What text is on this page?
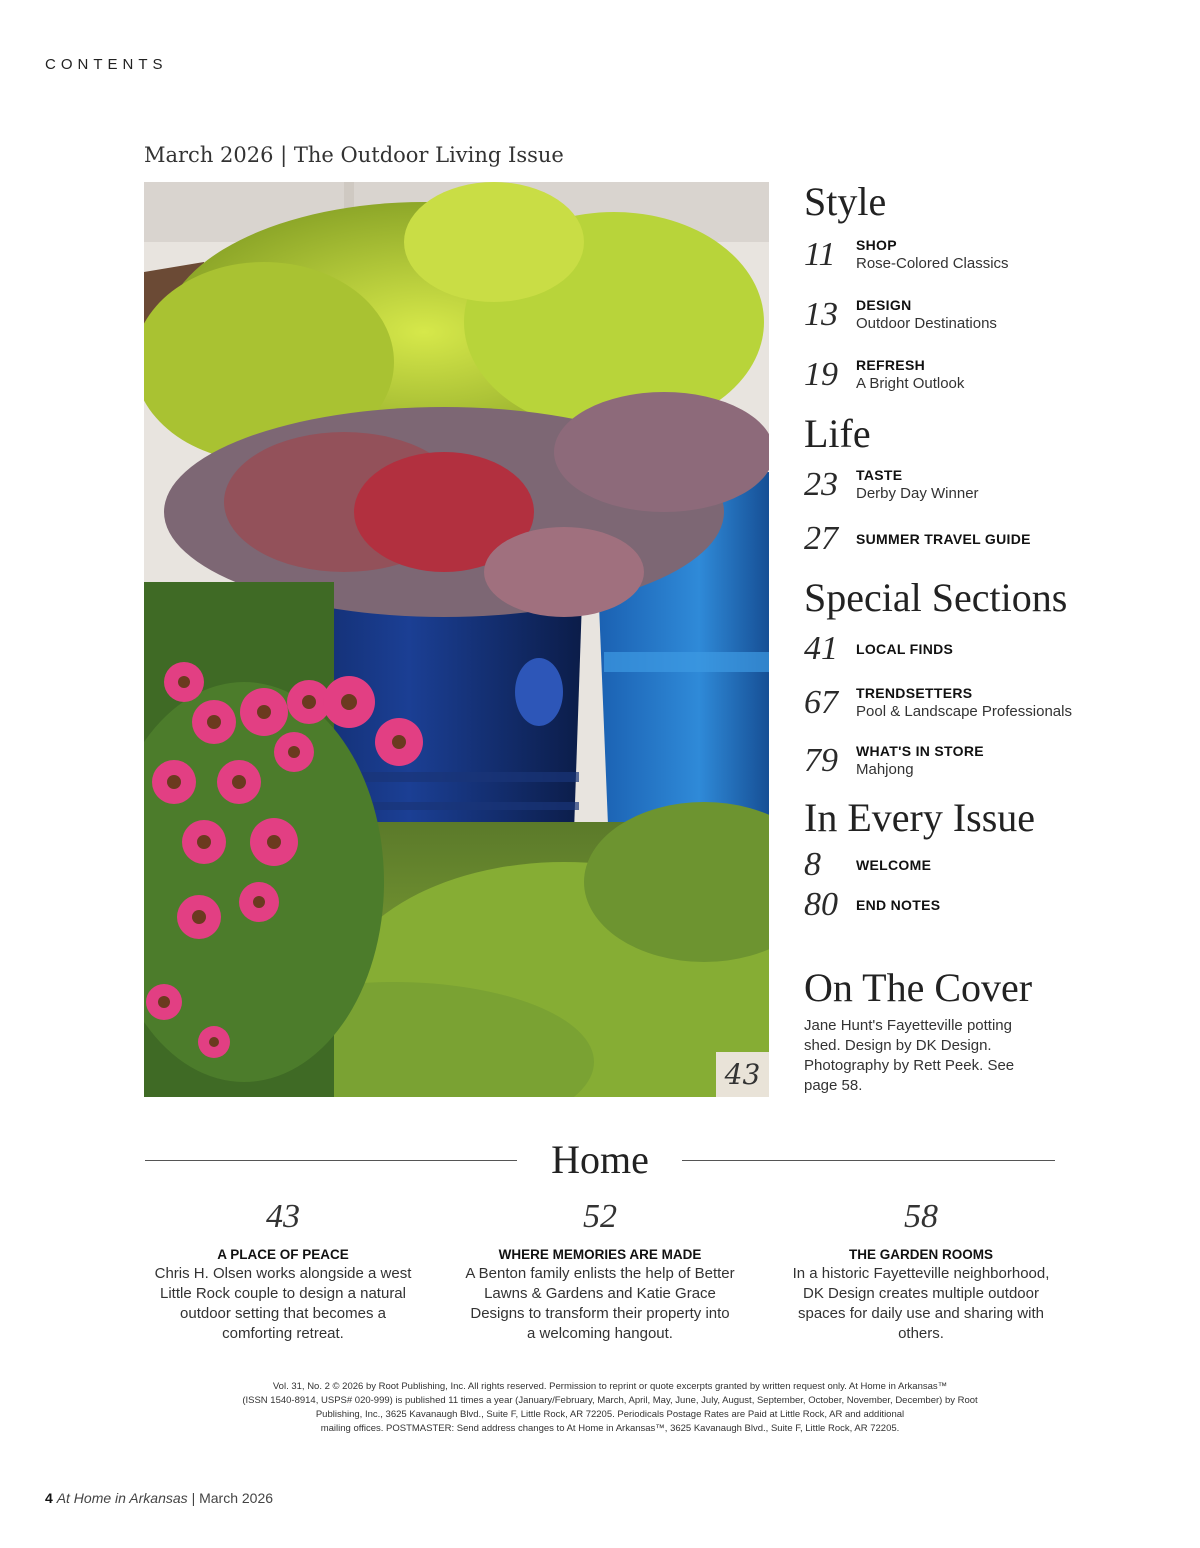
CONTENTS
March 2026 | The Outdoor Living Issue
43
Style
11	SHOP
Rose-Colored Classics
13	DESIGN
Outdoor Destinations
19	REFRESH
A Bright Outlook
Life
23	TASTE
Derby Day Winner
27	SUMMER TRAVEL GUIDE
Special Sections
41	LOCAL FINDS
67	TRENDSETTERS
Pool & Landscape Professionals
79	WHAT'S IN STORE
Mahjong
In Every Issue
8	WELCOME
80	END NOTES
On The Cover
Jane Hunt's Fayetteville potting shed. Design by DK Design. Photography by Rett Peek. See page 58.
Home
43
A PLACE OF PEACE
Chris H. Olsen works alongside a west Little Rock couple to design a natural outdoor setting that becomes a comforting retreat.
52
WHERE MEMORIES ARE MADE
A Benton family enlists the help of Better Lawns & Gardens and Katie Grace Designs to transform their property into a welcoming hangout.
58
THE GARDEN ROOMS
In a historic Fayetteville neighborhood, DK Design creates multiple outdoor spaces for daily use and sharing with others.
Vol. 31, No. 2 © 2026 by Root Publishing, Inc. All rights reserved. Permission to reprint or quote excerpts granted by written request only. At Home in Arkansas™
(ISSN 1540-8914, USPS# 020-999) is published 11 times a year (January/February, March, April, May, June, July, August, September, October, November, December) by Root
Publishing, Inc., 3625 Kavanaugh Blvd., Suite F, Little Rock, AR 72205. Periodicals Postage Rates are Paid at Little Rock, AR and additional
mailing offices. POSTMASTER: Send address changes to At Home in Arkansas™, 3625 Kavanaugh Blvd., Suite F, Little Rock, AR 72205.
4 At Home in Arkansas | March 2026
